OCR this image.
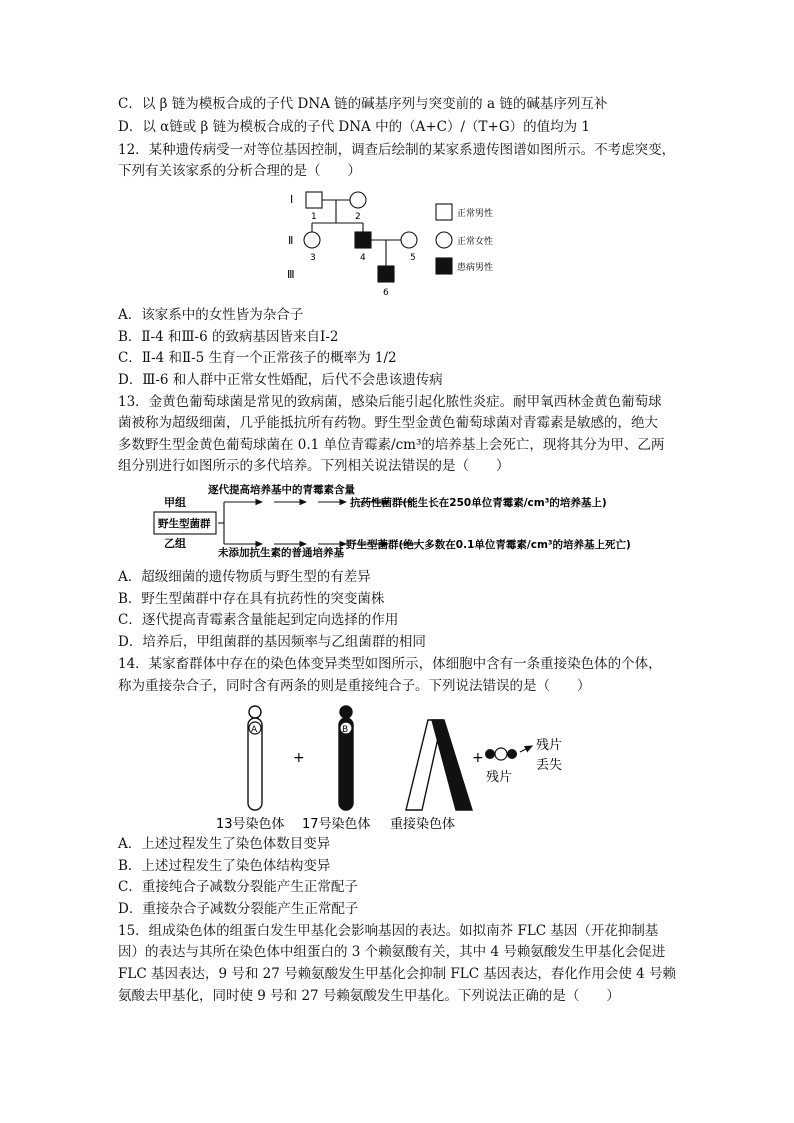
C．以 β 链为模板合成的子代 DNA 链的碱基序列与突变前的 a 链的碱基序列互补
D．以 α链或 β 链为模板合成的子代 DNA 中的（A+C）/（T+G）的值均为 1
12．某种遗传病受一对等位基因控制，调查后绘制的某家系遗传图谱如图所示。不考虑突变，
下列有关该家系的分析合理的是（　　）
Ⅰ
Ⅱ
Ⅲ
1	2
3	4	5
6
正常男性
正常女性
患病男性
A．该家系中的女性皆为杂合子
B．Ⅱ-4 和Ⅲ-6 的致病基因皆来自Ⅰ-2
C．Ⅱ-4 和Ⅱ-5 生育一个正常孩子的概率为 1/2
D．Ⅲ-6 和人群中正常女性婚配，后代不会患该遗传病
13．金黄色葡萄球菌是常见的致病菌，感染后能引起化脓性炎症。耐甲氧西林金黄色葡萄球
菌被称为超级细菌，几乎能抵抗所有药物。野生型金黄色葡萄球菌对青霉素是敏感的，绝大
多数野生型金黄色葡萄球菌在 0.1 单位青霉素/cm³的培养基上会死亡，现将其分为甲、乙两
组分别进行如图所示的多代培养。下列相关说法错误的是（　　）
甲组
乙组
野生型菌群
逐代提高培养基中的青霉素含量
未添加抗生素的普通培养基
抗药性菌群(能生长在250单位青霉素/cm³的培养基上)
野生型菌群(绝大多数在0.1单位青霉素/cm³的培养基上死亡)
A．超级细菌的遗传物质与野生型的有差异
B．野生型菌群中存在具有抗药性的突变菌株
C．逐代提高青霉素含量能起到定向选择的作用
D．培养后，甲组菌群的基因频率与乙组菌群的相同
14．某家畜群体中存在的染色体变异类型如图所示，体细胞中含有一条重接染色体的个体，
称为重接杂合子，同时含有两条的则是重接纯合子。下列说法错误的是（　　）
A
+
B
+
残片
丢失
残片
13号染色体 17号染色体 重接染色体
A．上述过程发生了染色体数目变异
B．上述过程发生了染色体结构变异
C．重接纯合子减数分裂能产生正常配子
D．重接杂合子减数分裂能产生正常配子
15．组成染色体的组蛋白发生甲基化会影响基因的表达。如拟南芥 FLC 基因（开花抑制基
因）的表达与其所在染色体中组蛋白的 3 个赖氨酸有关，其中 4 号赖氨酸发生甲基化会促进
FLC 基因表达，9 号和 27 号赖氨酸发生甲基化会抑制 FLC 基因表达，春化作用会使 4 号赖
氨酸去甲基化，同时使 9 号和 27 号赖氨酸发生甲基化。下列说法正确的是（　　）
